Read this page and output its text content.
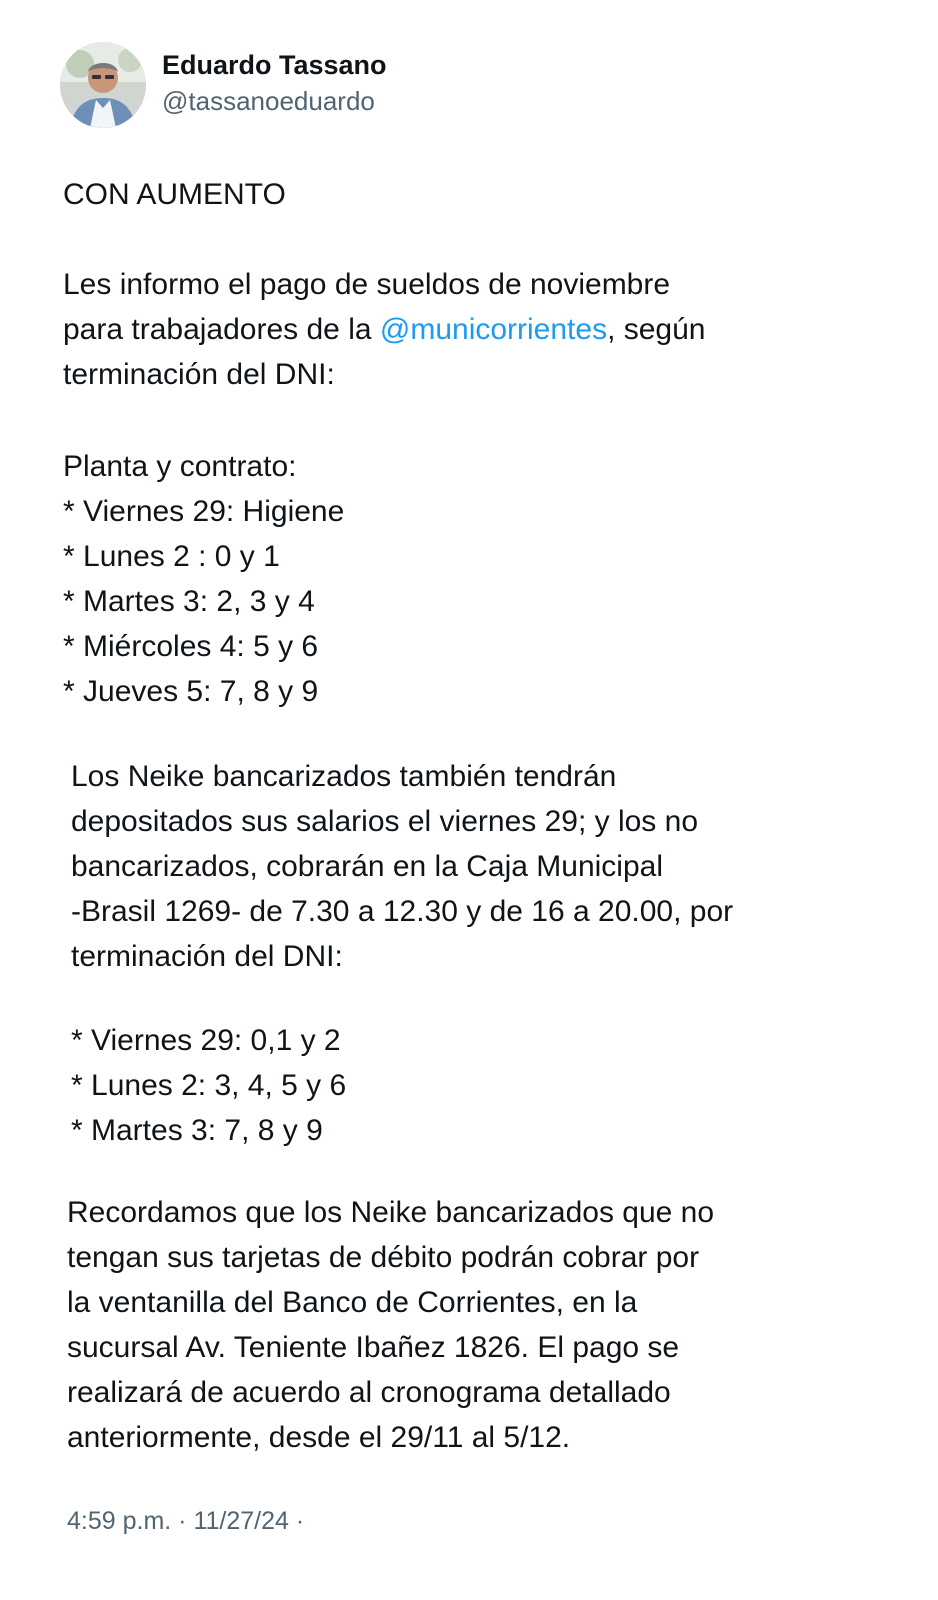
Eduardo Tassano
@tassanoeduardo

CON AUMENTO

Les informo el pago de sueldos de noviembre
para trabajadores de la @municorrientes, según
terminación del DNI:

Planta y contrato:
* Viernes 29: Higiene
* Lunes 2 : 0 y 1
* Martes 3: 2, 3 y 4
* Miércoles 4: 5 y 6
* Jueves 5: 7, 8 y 9

Los Neike bancarizados también tendrán
depositados sus salarios el viernes 29; y los no
bancarizados, cobrarán en la Caja Municipal
-Brasil 1269- de 7.30 a 12.30 y de 16 a 20.00, por
terminación del DNI:

* Viernes 29: 0,1 y 2
* Lunes 2: 3, 4, 5 y 6
* Martes 3: 7, 8 y 9

Recordamos que los Neike bancarizados que no
tengan sus tarjetas de débito podrán cobrar por
la ventanilla del Banco de Corrientes, en la
sucursal Av. Teniente Ibañez 1826. El pago se
realizará de acuerdo al cronograma detallado
anteriormente, desde el 29/11 al 5/12.

4:59 p.m. · 11/27/24 ·
